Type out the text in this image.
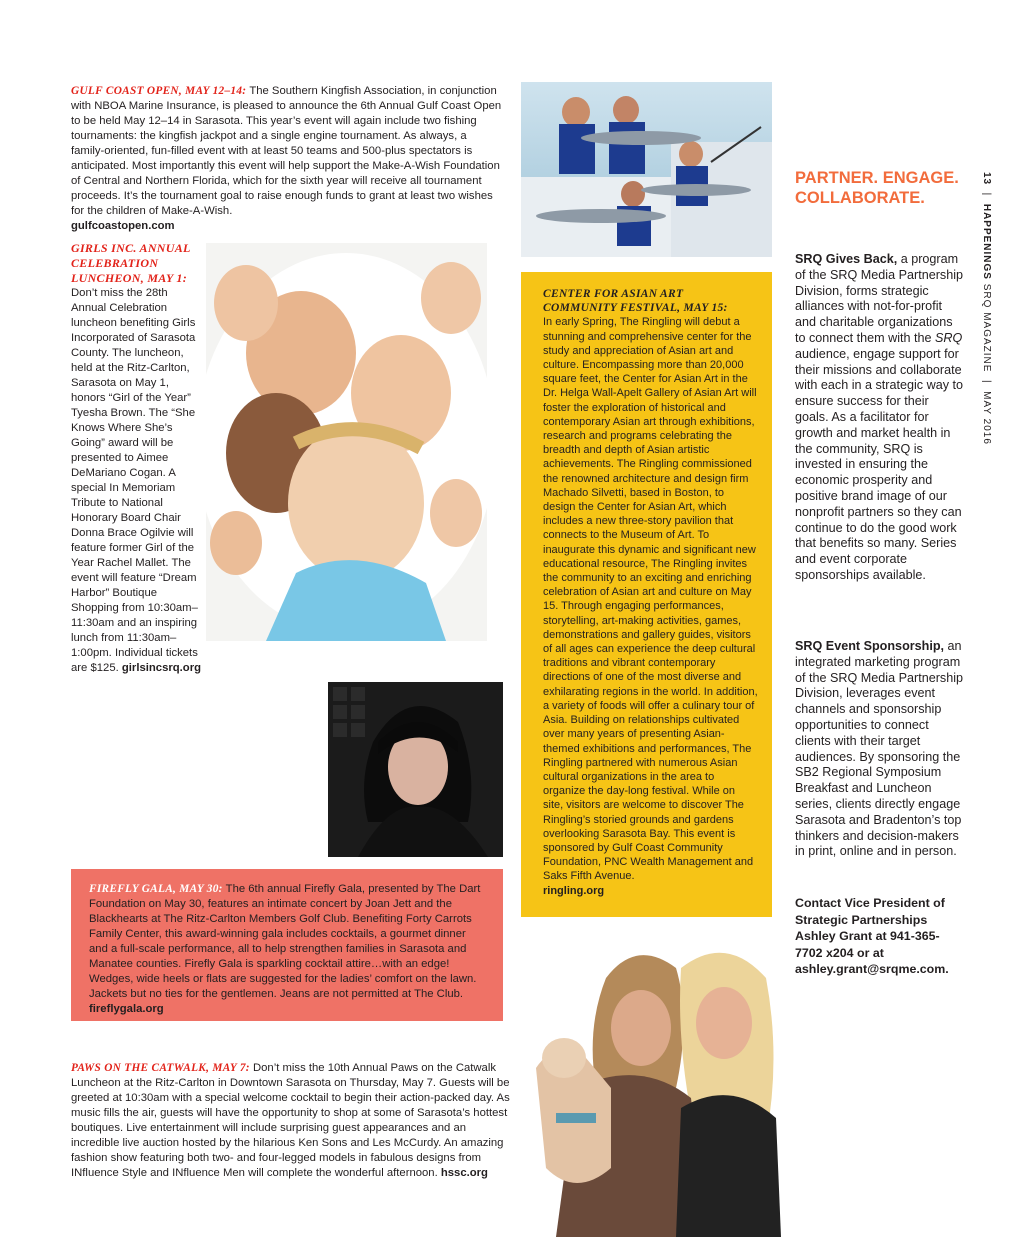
GULF COAST OPEN, MAY 12–14: The Southern Kingfish Association, in conjunction with NBOA Marine Insurance, is pleased to announce the 6th Annual Gulf Coast Open to be held May 12–14 in Sarasota. This year’s event will again include two fishing tournaments: the kingfish jackpot and a single engine tournament. As always, a family-oriented, fun-filled event with at least 50 teams and 500-plus spectators is anticipated. Most importantly this event will help support the Make-A-Wish Foundation of Central and Northern Florida, which for the sixth year will receive all tournament proceeds. It’s the tournament goal to raise enough funds to grant at least two wishes for the children of Make-A-Wish.
gulfcoastopen.com
GIRLS INC. ANNUAL CELEBRATION LUNCHEON, MAY 1:
Don’t miss the 28th Annual Celebration luncheon benefiting Girls Incorporated of Sarasota County. The luncheon, held at the Ritz-Carlton, Sarasota on May 1, honors “Girl of the Year” Tyesha Brown. The “She Knows Where She’s Going” award will be presented to Aimee DeMariano Cogan. A special In Memoriam Tribute to National Honorary Board Chair Donna Brace Ogilvie will feature former Girl of the Year Rachel Mallet. The event will feature “Dream Harbor” Boutique Shopping from 10:30am–11:30am and an inspiring lunch from 11:30am–1:00pm. Individual tickets are $125. girlsincsrq.org
CENTER FOR ASIAN ART COMMUNITY FESTIVAL, MAY 15:
In early Spring, The Ringling will debut a stunning and comprehensive center for the study and appreciation of Asian art and culture. Encompassing more than 20,000 square feet, the Center for Asian Art in the Dr. Helga Wall-Apelt Gallery of Asian Art will foster the exploration of historical and contemporary Asian art through exhibitions, research and programs celebrating the breadth and depth of Asian artistic achievements. The Ringling commissioned the renowned architecture and design firm Machado Silvetti, based in Boston, to design the Center for Asian Art, which includes a new three-story pavilion that connects to the Museum of Art. To inaugurate this dynamic and significant new educational resource, The Ringling invites the community to an exciting and enriching celebration of Asian art and culture on May 15. Through engaging performances, storytelling, art-making activities, games, demonstrations and gallery guides, visitors of all ages can experience the deep cultural traditions and vibrant contemporary directions of one of the most diverse and exhilarating regions in the world. In addition, a variety of foods will offer a culinary tour of Asia. Building on relationships cultivated over many years of presenting Asian-themed exhibitions and performances, The Ringling partnered with numerous Asian cultural organizations in the area to organize the day-long festival. While on site, visitors are welcome to discover The Ringling’s storied grounds and gardens overlooking Sarasota Bay. This event is sponsored by Gulf Coast Community Foundation, PNC Wealth Management and Saks Fifth Avenue.
ringling.org
FIREFLY GALA, MAY 30: The 6th annual Firefly Gala, presented by The Dart Foundation on May 30, features an intimate concert by Joan Jett and the Blackhearts at The Ritz-Carlton Members Golf Club. Benefiting Forty Carrots Family Center, this award-winning gala includes cocktails, a gourmet dinner and a full-scale performance, all to help strengthen families in Sarasota and Manatee counties. Firefly Gala is sparkling cocktail attire…with an edge! Wedges, wide heels or flats are suggested for the ladies’ comfort on the lawn. Jackets but no ties for the gentlemen. Jeans are not permitted at The Club. fireflygala.org
PAWS ON THE CATWALK, MAY 7: Don’t miss the 10th Annual Paws on the Catwalk Luncheon at the Ritz-Carlton in Downtown Sarasota on Thursday, May 7. Guests will be greeted at 10:30am with a special welcome cocktail to begin their action-packed day. As music fills the air, guests will have the opportunity to shop at some of Sarasota’s hottest boutiques. Live entertainment will include surprising guest appearances and an incredible live auction hosted by the hilarious Ken Sons and Les McCurdy. An amazing fashion show featuring both two- and four-legged models in fabulous designs from INfluence Style and INfluence Men will complete the wonderful afternoon. hssc.org
PARTNER. ENGAGE. COLLABORATE.
SRQ Gives Back, a program of the SRQ Media Partnership Division, forms strategic alliances with not-for-profit and charitable organizations to connect them with the SRQ audience, engage support for their missions and collaborate with each in a strategic way to ensure success for their goals. As a facilitator for growth and market health in the community, SRQ is invested in ensuring the economic prosperity and positive brand image of our nonprofit partners so they can continue to do the good work that benefits so many. Series and event corporate sponsorships available.
SRQ Event Sponsorship, an integrated marketing program of the SRQ Media Partnership Division, leverages event channels and sponsorship opportunities to connect clients with their target audiences. By sponsoring the SB2 Regional Symposium Breakfast and Luncheon series, clients directly engage Sarasota and Bradenton’s top thinkers and decision-makers in print, online and in person.
Contact Vice President of Strategic Partnerships Ashley Grant at 941-365-7702 x204 or at ashley.grant@srqme.com.
13  |  HAPPENINGS SRQ MAGAZINE  |  MAY 2016
